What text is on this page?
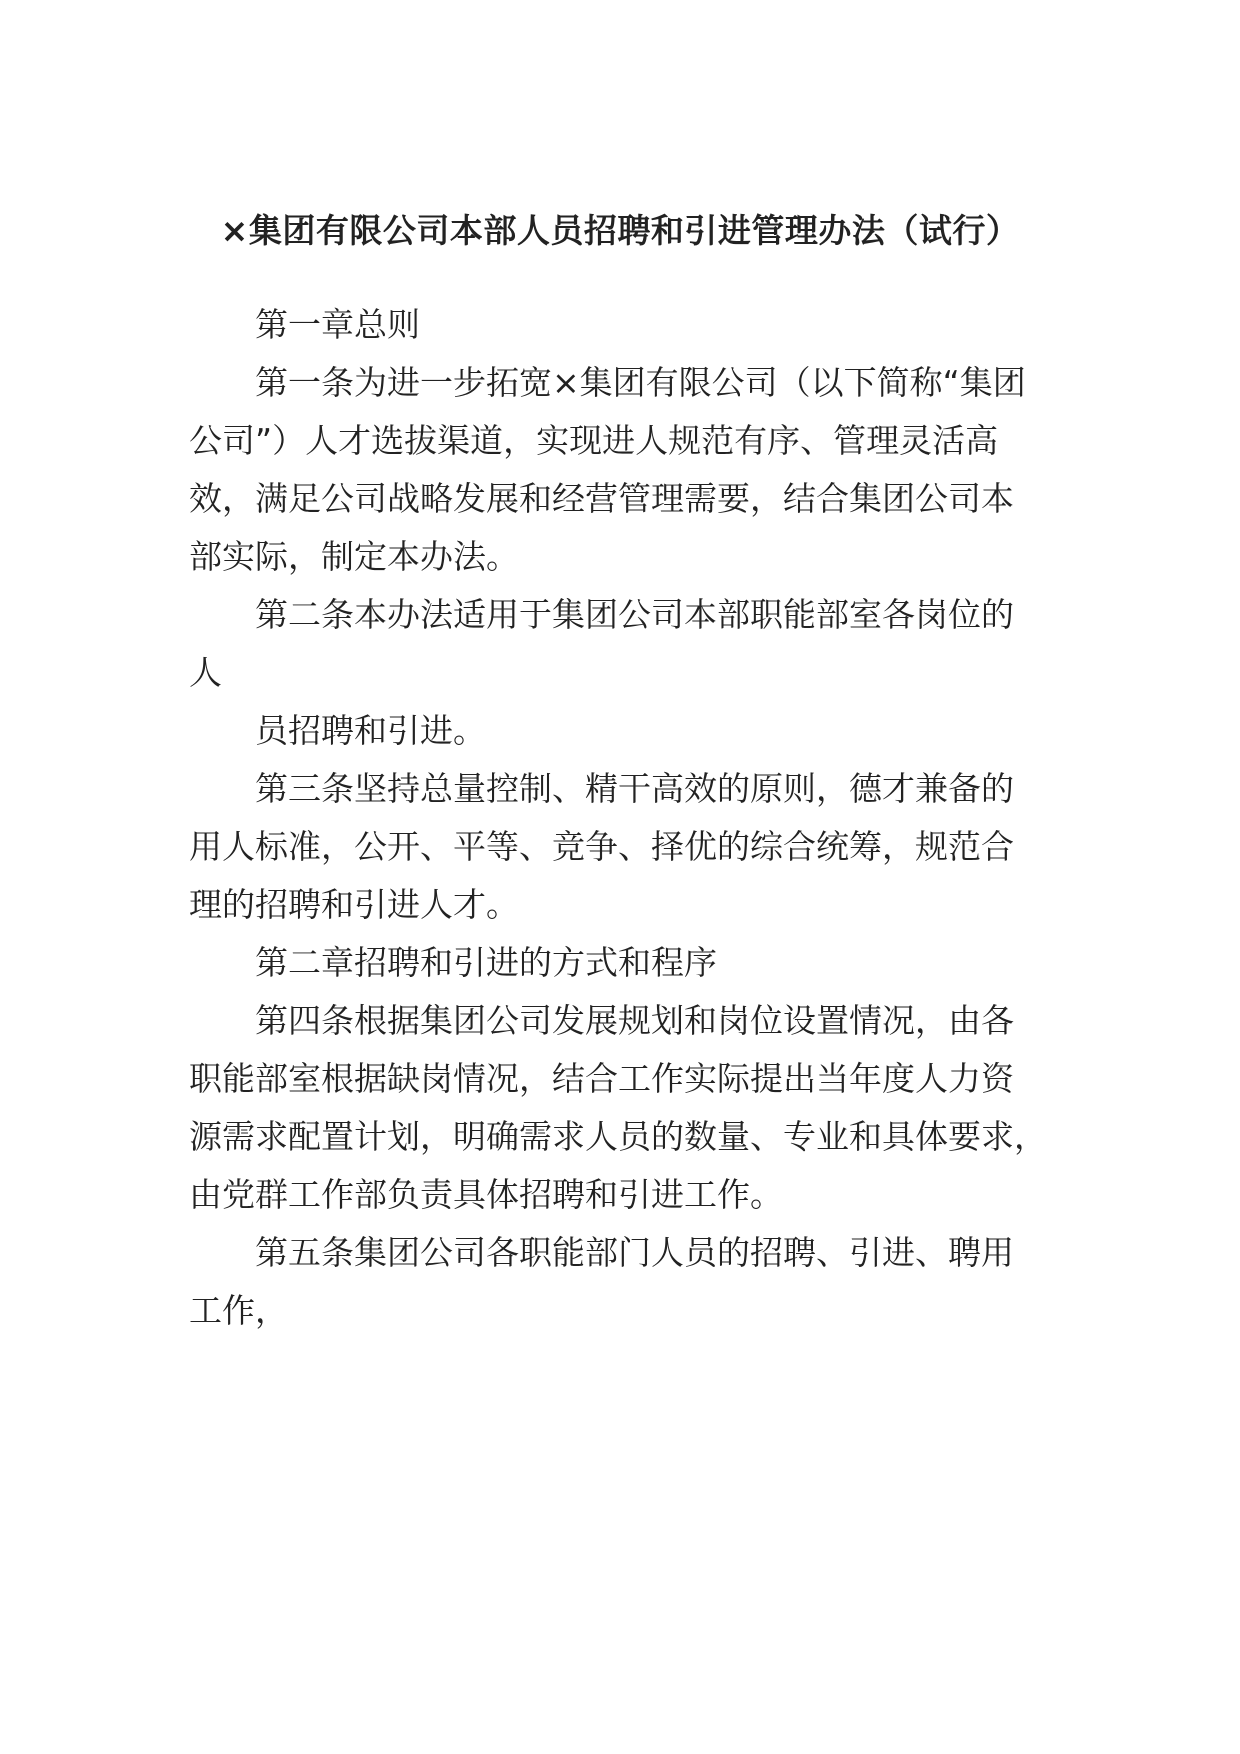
×集团有限公司本部人员招聘和引进管理办法（试行）
第一章总则
第一条为进一步拓宽×集团有限公司（以下简称“集团
公司”）人才选拔渠道，实现进人规范有序、管理灵活高
效，满足公司战略发展和经营管理需要，结合集团公司本
部实际，制定本办法。
第二条本办法适用于集团公司本部职能部室各岗位的
人
员招聘和引进。
第三条坚持总量控制、精干高效的原则，德才兼备的
用人标准，公开、平等、竞争、择优的综合统筹，规范合
理的招聘和引进人才。
第二章招聘和引进的方式和程序
第四条根据集团公司发展规划和岗位设置情况，由各
职能部室根据缺岗情况，结合工作实际提出当年度人力资
源需求配置计划，明确需求人员的数量、专业和具体要求，
由党群工作部负责具体招聘和引进工作。
第五条集团公司各职能部门人员的招聘、引进、聘用
工作，
